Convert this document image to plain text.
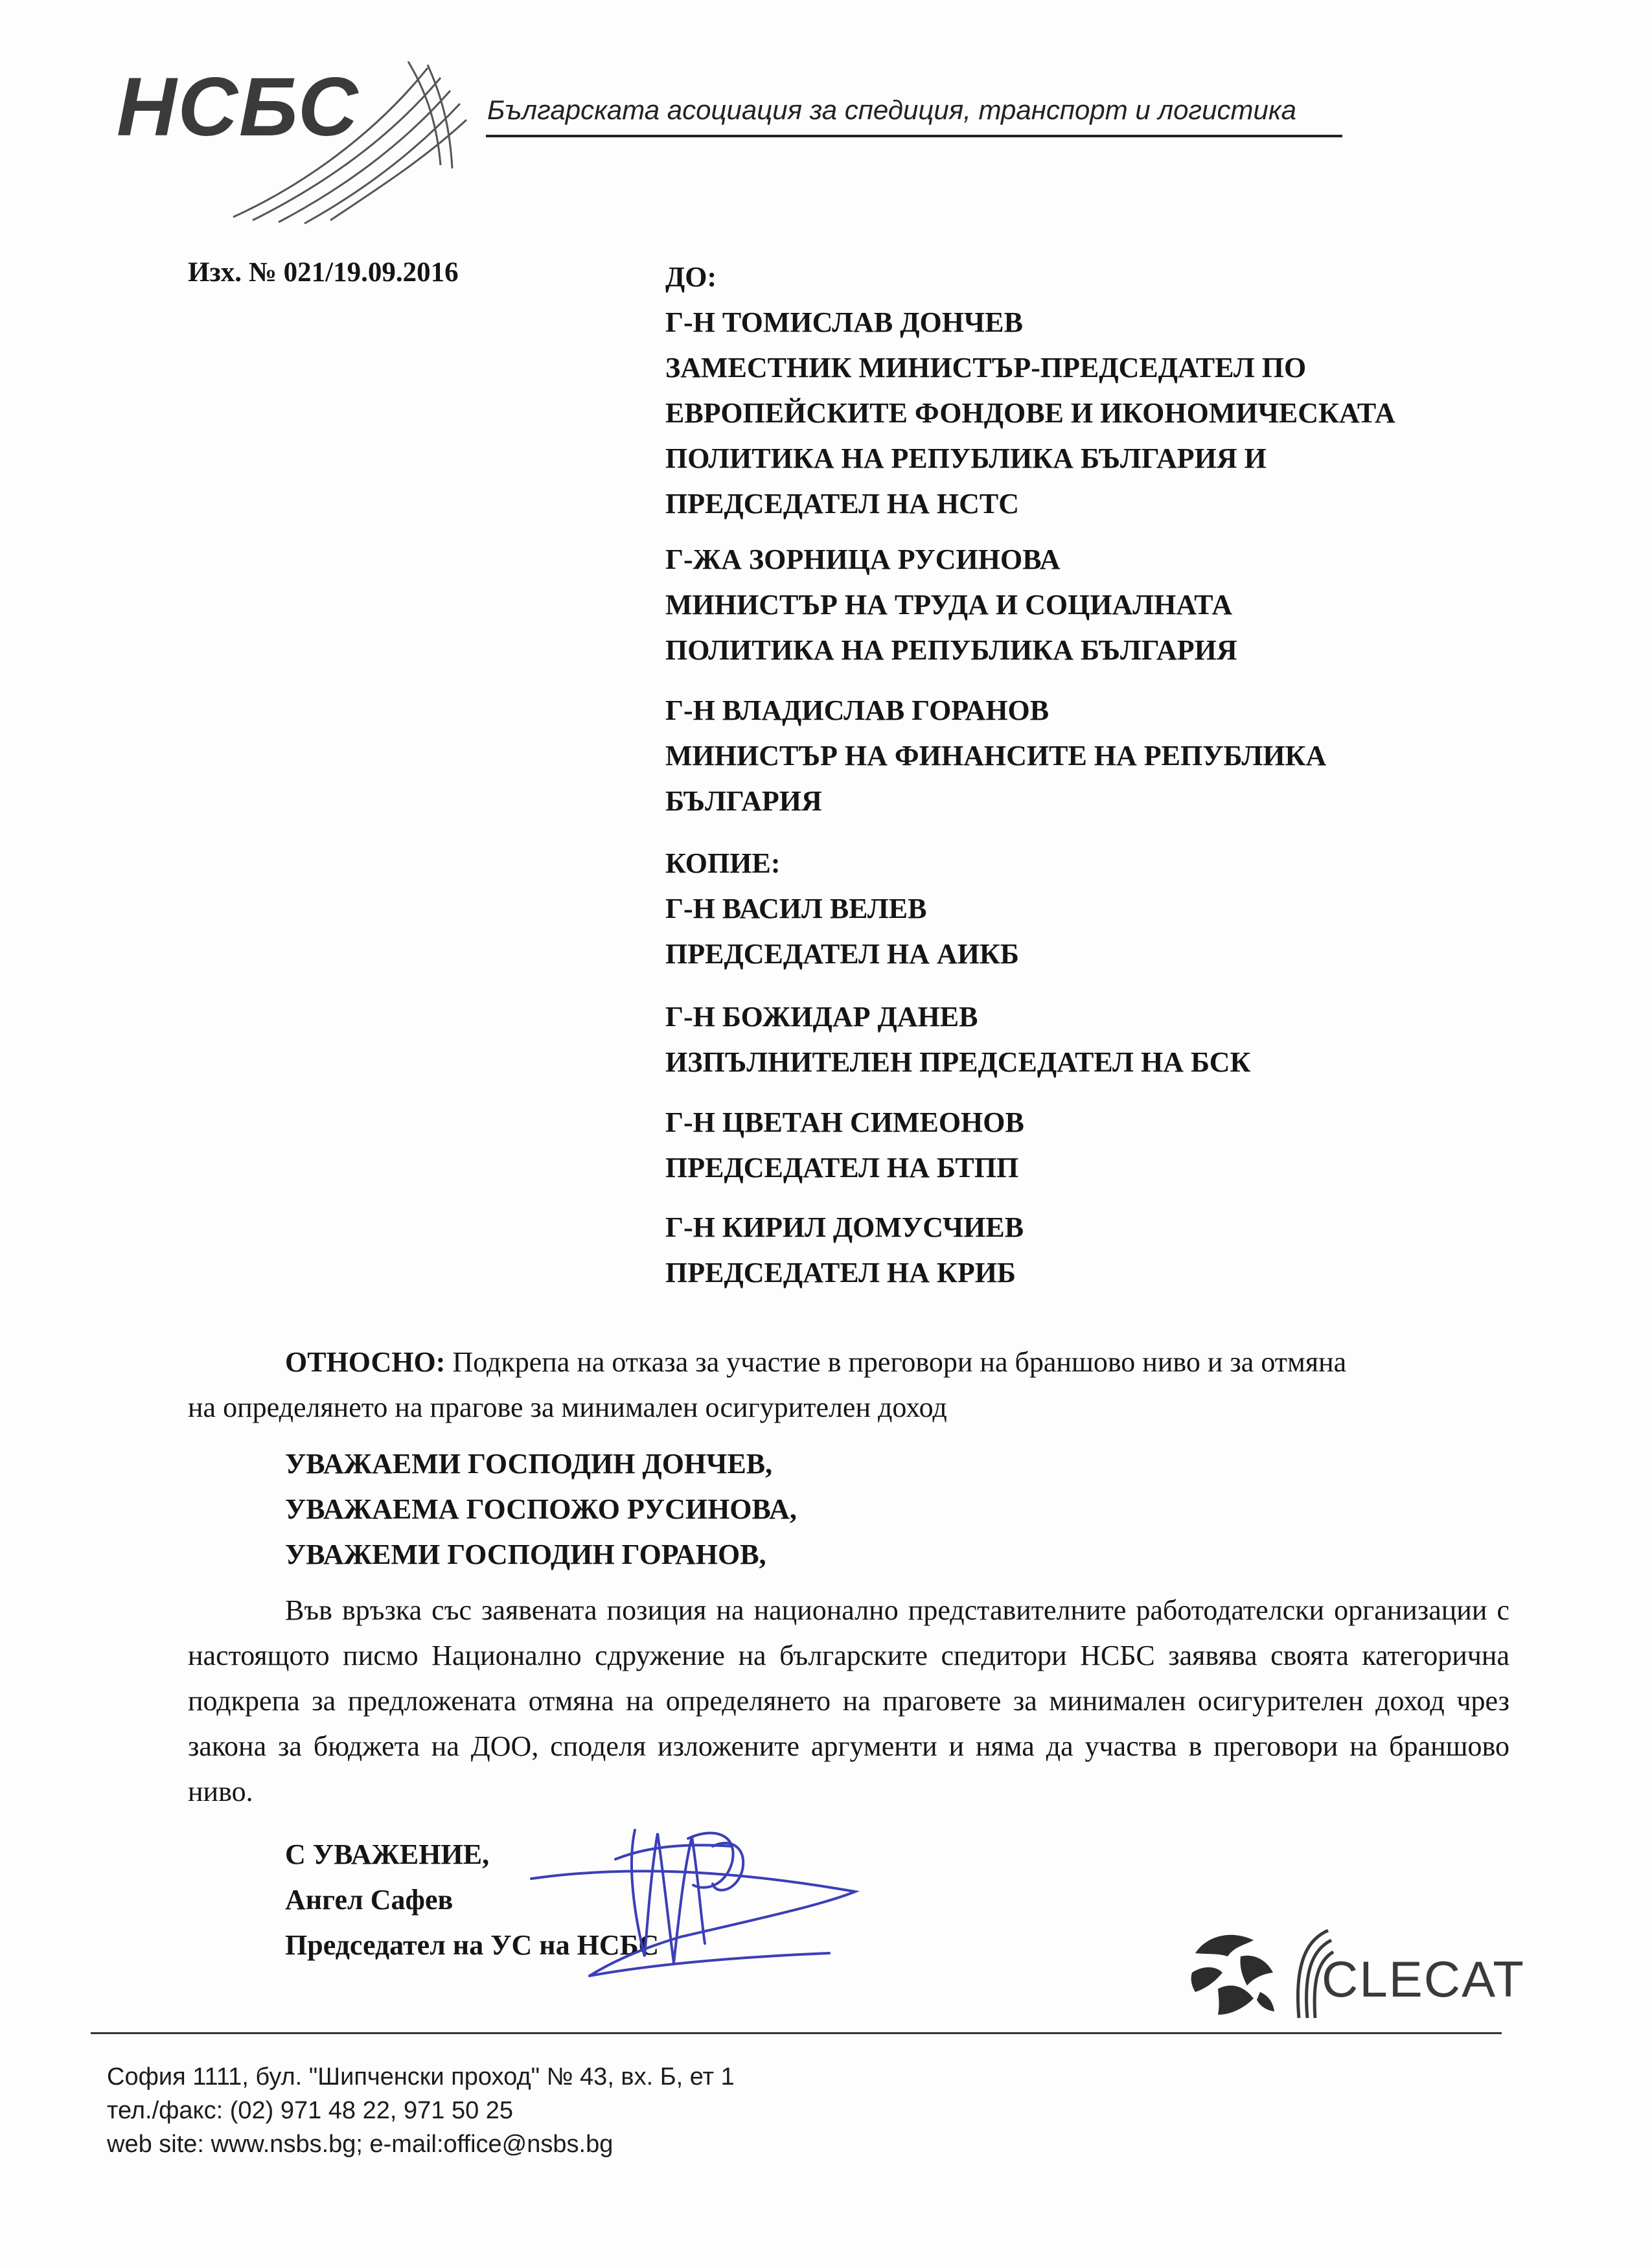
НСБС	Българската асоциация за спедиция, транспорт и логистика
Изх. № 021/19.09.2016	ДО:
Г-Н ТОМИСЛАВ ДОНЧЕВ
ЗАМЕСТНИК МИНИСТЪР-ПРЕДСЕДАТЕЛ ПО
ЕВРОПЕЙСКИТЕ ФОНДОВЕ И ИКОНОМИЧЕСКАТА
ПОЛИТИКА НА РЕПУБЛИКА БЪЛГАРИЯ И
ПРЕДСЕДАТЕЛ НА НСТС
Г-ЖА ЗОРНИЦА РУСИНОВА
МИНИСТЪР НА ТРУДА И СОЦИАЛНАТА
ПОЛИТИКА НА РЕПУБЛИКА БЪЛГАРИЯ
Г-Н ВЛАДИСЛАВ ГОРАНОВ
МИНИСТЪР НА ФИНАНСИТЕ НА РЕПУБЛИКА
БЪЛГАРИЯ
КОПИЕ:
Г-Н ВАСИЛ ВЕЛЕВ
ПРЕДСЕДАТЕЛ НА АИКБ
Г-Н БОЖИДАР ДАНЕВ
ИЗПЪЛНИТЕЛЕН ПРЕДСЕДАТЕЛ НА БСК
Г-Н ЦВЕТАН СИМЕОНОВ
ПРЕДСЕДАТЕЛ НА БТПП
Г-Н КИРИЛ ДОМУСЧИЕВ
ПРЕДСЕДАТЕЛ НА КРИБ
ОТНОСНО: Подкрепа на отказа за участие в преговори на браншово ниво и за отмяна
на определянето на прагове за минимален осигурителен доход
УВАЖАЕМИ ГОСПОДИН ДОНЧЕВ,
УВАЖАЕМА ГОСПОЖО РУСИНОВА,
УВАЖЕМИ ГОСПОДИН ГОРАНОВ,
Във връзка със заявената позиция на национално представителните работодателски организации с настоящото писмо Национално сдружение на българските спедитори НСБС заявява своята категорична подкрепа за предложената отмяна на определянето на праговете за минимален осигурителен доход чрез закона за бюджета на ДОО, споделя изложените аргументи и няма да участва в преговори на браншово ниво.
С УВАЖЕНИЕ,
Ангел Сафев
Председател на УС на НСБС
CLECAT
София 1111, бул. "Шипченски проход" № 43, вх. Б, ет 1
тел./факс: (02) 971 48 22, 971 50 25
web site: www.nsbs.bg; e-mail:office@nsbs.bg
